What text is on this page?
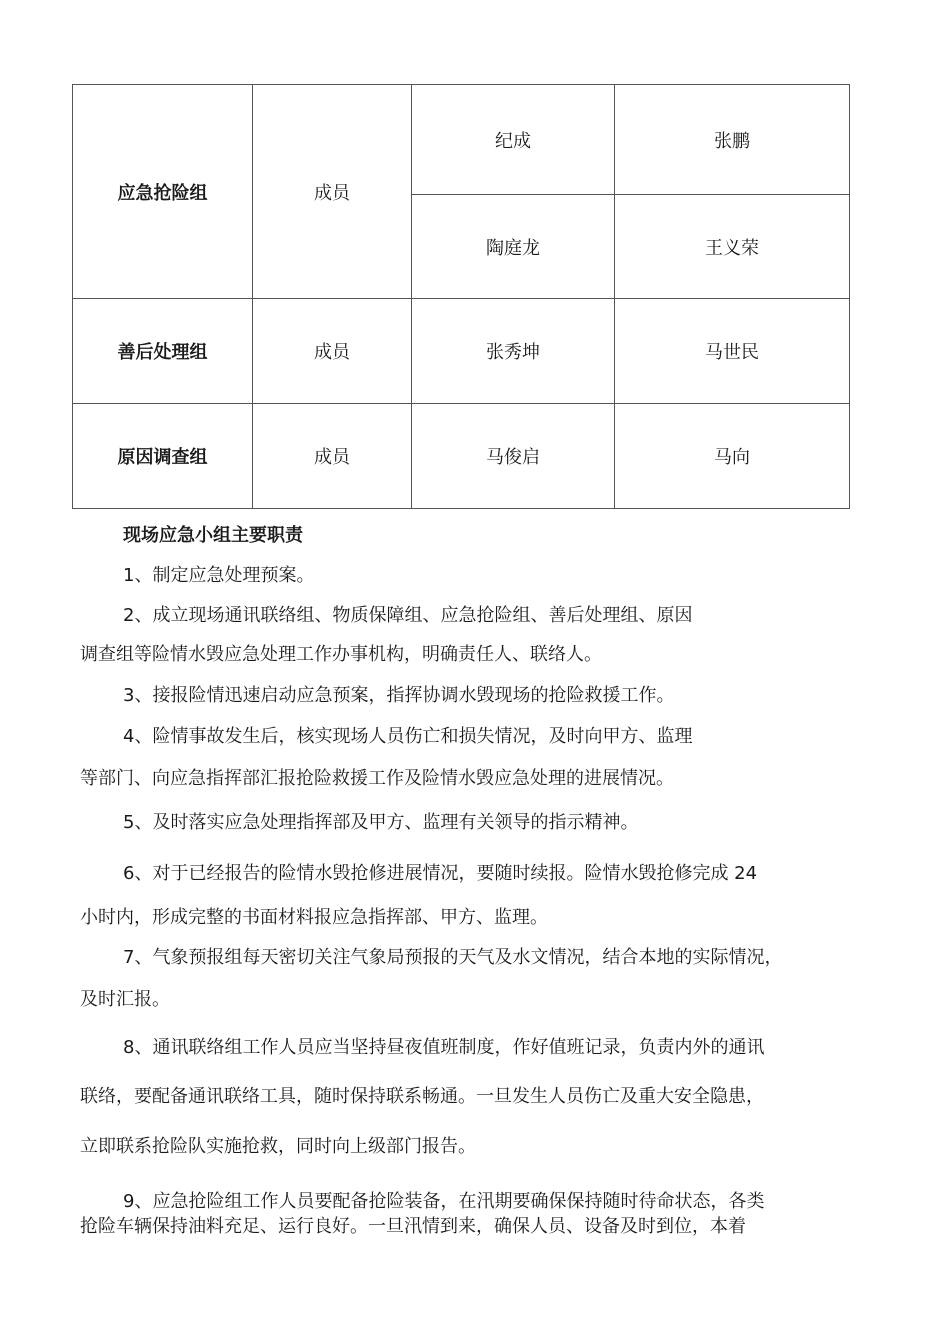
应急抢险组	成员	纪成	张鹏
		陶庭龙	王义荣
善后处理组	成员	张秀坤	马世民
原因调查组	成员	马俊启	马向
现场应急小组主要职责
1、制定应急处理预案。
2、成立现场通讯联络组、物质保障组、应急抢险组、善后处理组、原因
调查组等险情水毁应急处理工作办事机构，明确责任人、联络人。
3、接报险情迅速启动应急预案，指挥协调水毁现场的抢险救援工作。
4、险情事故发生后，核实现场人员伤亡和损失情况，及时向甲方、监理
等部门、向应急指挥部汇报抢险救援工作及险情水毁应急处理的进展情况。
5、及时落实应急处理指挥部及甲方、监理有关领导的指示精神。
6、对于已经报告的险情水毁抢修进展情况，要随时续报。险情水毁抢修完成 24
小时内，形成完整的书面材料报应急指挥部、甲方、监理。
7、气象预报组每天密切关注气象局预报的天气及水文情况，结合本地的实际情况，
及时汇报。
8、通讯联络组工作人员应当坚持昼夜值班制度，作好值班记录，负责内外的通讯
联络，要配备通讯联络工具，随时保持联系畅通。一旦发生人员伤亡及重大安全隐患，
立即联系抢险队实施抢救，同时向上级部门报告。
9、应急抢险组工作人员要配备抢险装备，在汛期要确保保持随时待命状态，各类
抢险车辆保持油料充足、运行良好。一旦汛情到来，确保人员、设备及时到位，本着
